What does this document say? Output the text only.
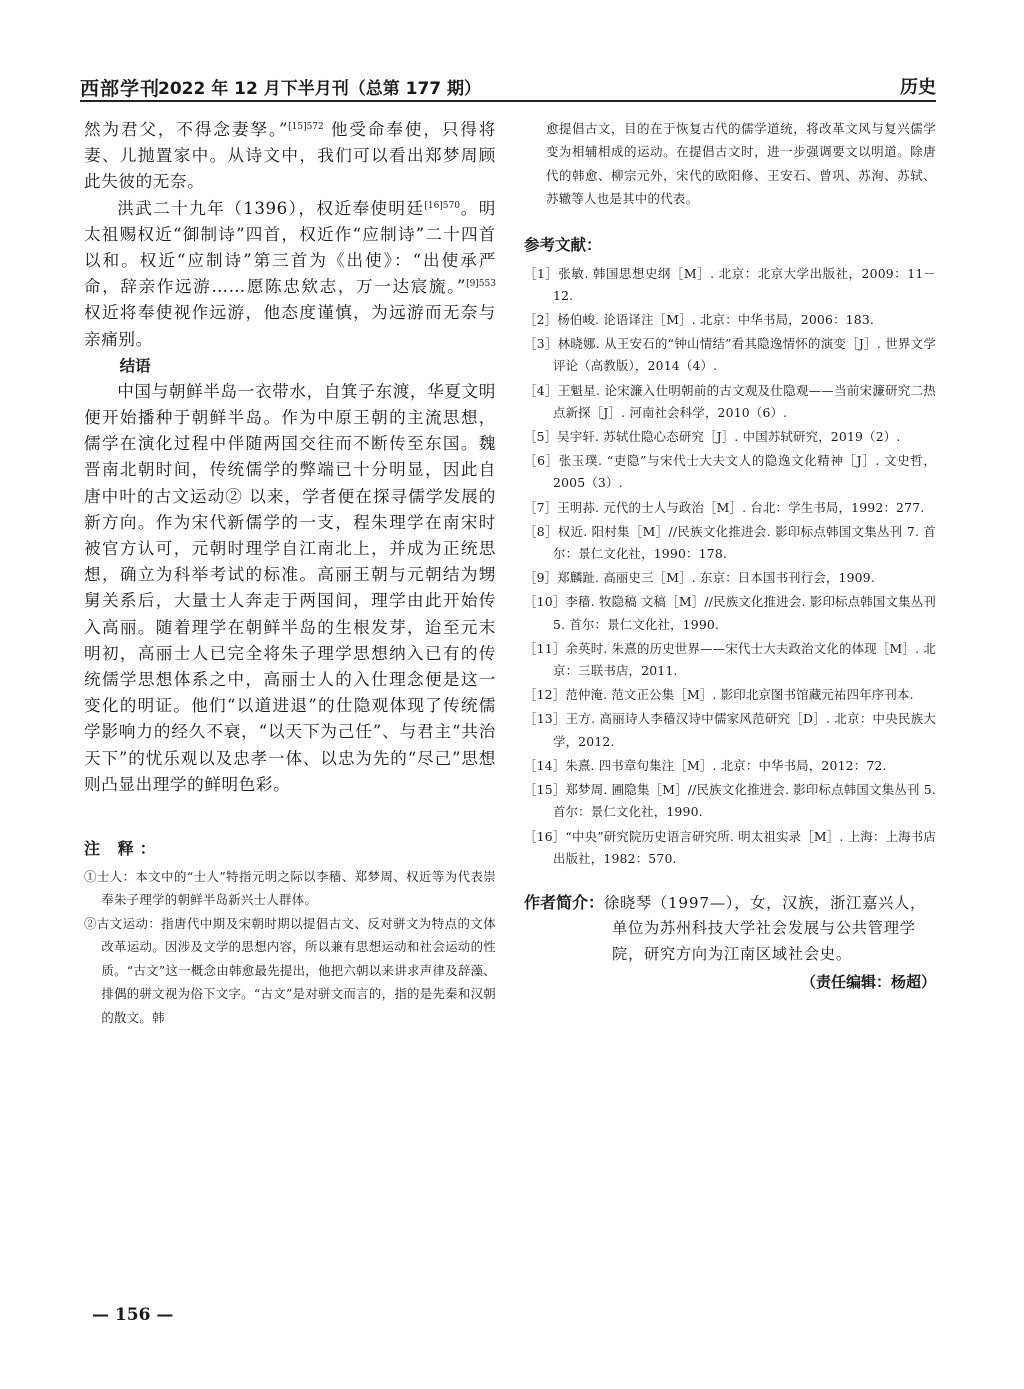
西部学刊
2022 年 12 月下半月刊（总第 177 期）	历史

然为君父，不得念妻孥。”$^{[15]572}$ 他受命奉使，只得将妻、儿抛置家中。从诗文中，我们可以看出郑梦周顾此失彼的无奈。

洪武二十九年（1396），权近奉使明廷$^{[16]570}$。明太祖赐权近“御制诗”四首，权近作“应制诗”二十四首以和。权近“应制诗”第三首为《出使》：“出使承严命，辞亲作远游……愿陈忠欸志，万一达宸旒。”$^{[9]553}$ 权近将奉使视作远游，他态度谨慎，为远游而无奈与亲痛别。

结语

中国与朝鲜半岛一衣带水，自箕子东渡，华夏文明便开始播种于朝鲜半岛。作为中原王朝的主流思想，儒学在演化过程中伴随两国交往而不断传至东国。魏晋南北朝时间，传统儒学的弊端已十分明显，因此自唐中叶的古文运动② 以来，学者便在探寻儒学发展的新方向。作为宋代新儒学的一支，程朱理学在南宋时被官方认可，元朝时理学自江南北上，并成为正统思想，确立为科举考试的标准。高丽王朝与元朝结为甥舅关系后，大量士人奔走于两国间，理学由此开始传入高丽。随着理学在朝鲜半岛的生根发芽，迨至元末明初，高丽士人已完全将朱子理学思想纳入已有的传统儒学思想体系之中，高丽士人的入仕理念便是这一变化的明证。他们“以道进退”的仕隐观体现了传统儒学影响力的经久不衰，“以天下为己任”、与君主“共治天下”的忧乐观以及忠孝一体、以忠为先的“尽己”思想则凸显出理学的鲜明色彩。

注 释：

①士人：本文中的“士人”特指元明之际以李穑、郑梦周、权近等为代表崇奉朱子理学的朝鲜半岛新兴士人群体。

②古文运动：指唐代中期及宋朝时期以提倡古文、反对骈文为特点的文体改革运动。因涉及文学的思想内容，所以兼有思想运动和社会运动的性质。“古文”这一概念由韩愈最先提出，他把六朝以来讲求声律及辞藻、排偶的骈文视为俗下文字。“古文”是对骈文而言的，指的是先秦和汉朝的散文。韩

愈提倡古文，目的在于恢复古代的儒学道统，将改革文风与复兴儒学变为相辅相成的运动。在提倡古文时，进一步强调要文以明道。除唐代的韩愈、柳宗元外，宋代的欧阳修、王安石、曾巩、苏洵、苏轼、苏辙等人也是其中的代表。

参考文献：

［1］张敏. 韩国思想史纲［M］. 北京：北京大学出版社，2009：11－12.

［2］杨伯峻. 论语译注［M］. 北京：中华书局，2006：183.

［3］林晓娜. 从王安石的“钟山情结”看其隐逸情怀的演变［J］. 世界文学评论（高教版），2014（4）.

［4］王魁星. 论宋濂入仕明朝前的古文观及仕隐观——当前宋濂研究二热点新探［J］. 河南社会科学，2010（6）.

［5］吴宇轩. 苏轼仕隐心态研究［J］. 中国苏轼研究，2019（2）.

［6］张玉璞. “吏隐”与宋代士大夫文人的隐逸文化精神［J］. 文史哲，2005（3）.

［7］王明荪. 元代的士人与政治［M］. 台北：学生书局，1992：277.

［8］权近. 阳村集［M］//民族文化推进会. 影印标点韩国文集丛刊 7. 首尔：景仁文化社，1990：178.

［9］郑麟趾. 高丽史三［M］. 东京：日本国书刊行会，1909.

［10］李穑. 牧隐稿 文稿［M］//民族文化推进会. 影印标点韩国文集丛刊 5. 首尔：景仁文化社，1990.

［11］余英时. 朱熹的历史世界——宋代士大夫政治文化的体现［M］. 北京：三联书店，2011.

［12］范仲淹. 范文正公集［M］. 影印北京图书馆藏元祐四年序刊本.

［13］王方. 高丽诗人李穑汉诗中儒家风范研究［D］. 北京：中央民族大学，2012.

［14］朱熹. 四书章句集注［M］. 北京：中华书局，2012：72.

［15］郑梦周. 圃隐集［M］//民族文化推进会. 影印标点韩国文集丛刊 5. 首尔：景仁文化社，1990.

［16］“中央”研究院历史语言研究所. 明太祖实录［M］. 上海：上海书店出版社，1982：570.

作者简介：徐晓琴（1997—），女，汉族，浙江嘉兴人，单位为苏州科技大学社会发展与公共管理学院，研究方向为江南区域社会史。

（责任编辑：杨超）

— 156 —
